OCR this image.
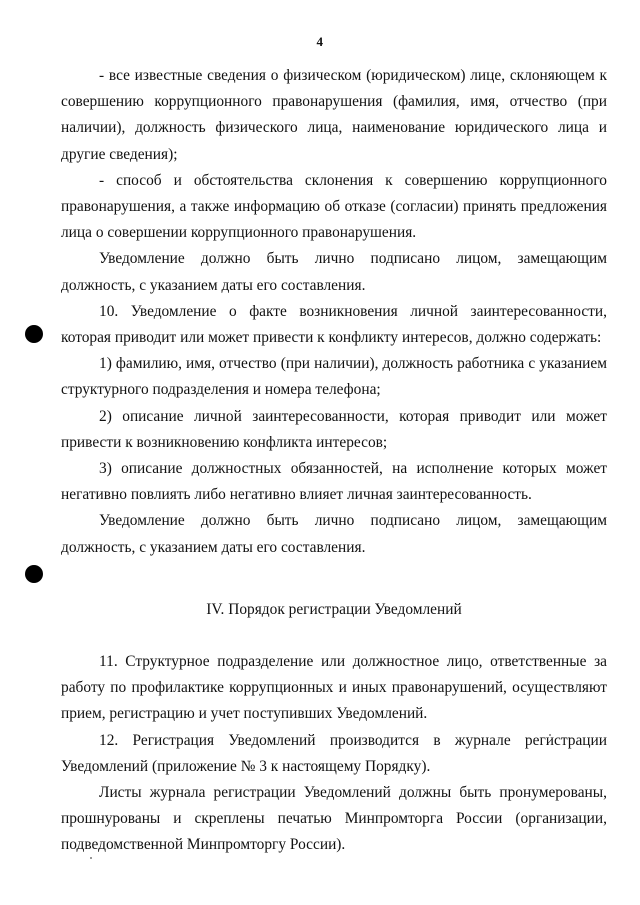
4

- все известные сведения о физическом (юридическом) лице, склоняющем к совершению коррупционного правонарушения (фамилия, имя, отчество (при наличии), должность физического лица, наименование юридического лица и другие сведения);

- способ и обстоятельства склонения к совершению коррупционного правонарушения, а также информацию об отказе (согласии) принять предложения лица о совершении коррупционного правонарушения.

Уведомление должно быть лично подписано лицом, замещающим должность, с указанием даты его составления.

10. Уведомление о факте возникновения личной заинтересованности, которая приводит или может привести к конфликту интересов, должно содержать:

1) фамилию, имя, отчество (при наличии), должность работника с указанием структурного подразделения и номера телефона;

2) описание личной заинтересованности, которая приводит или может привести к возникновению конфликта интересов;

3) описание должностных обязанностей, на исполнение которых может негативно повлиять либо негативно влияет личная заинтересованность.

Уведомление должно быть лично подписано лицом, замещающим должность, с указанием даты его составления.

IV. Порядок регистрации Уведомлений

11. Структурное подразделение или должностное лицо, ответственные за работу по профилактике коррупционных и иных правонарушений, осуществляют прием, регистрацию и учет поступивших Уведомлений.

12. Регистрация Уведомлений производится в журнале регистрации Уведомлений (приложение № 3 к настоящему Порядку).

Листы журнала регистрации Уведомлений должны быть пронумерованы, прошнурованы и скреплены печатью Минпромторга России (организации, подведомственной Минпромторгу России).
